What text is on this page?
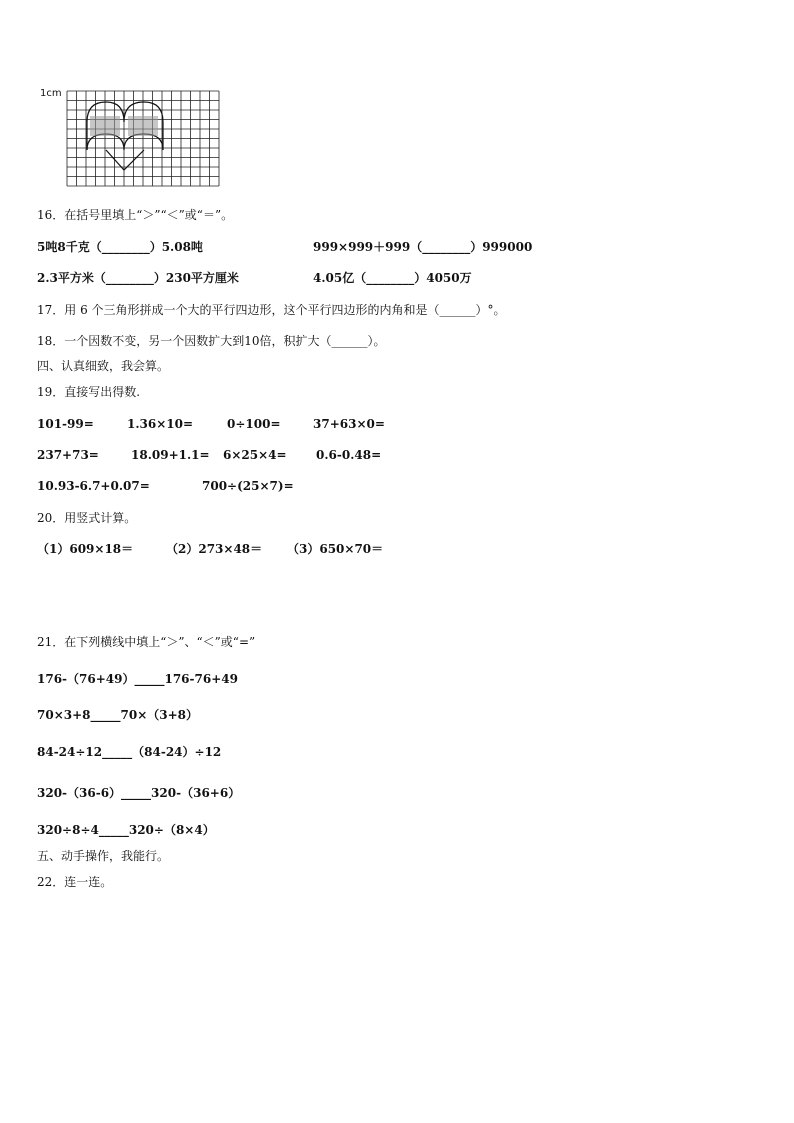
1cm
16．在括号里填上“＞”“＜”或“＝”。
5吨8千克（________）5.08吨	999×999＋999（________）999000
2.3平方米（________）230平方厘米	4.05亿（________）4050万
17．用 6 个三角形拼成一个大的平行四边形，这个平行四边形的内角和是（______）°。
18．一个因数不变，另一个因数扩大到10倍，积扩大（______）。
四、认真细致，我会算。
19．直接写出得数.
101-99=	1.36×10=	0÷100=	37+63×0=
237+73=	18.09+1.1= 6×25×4= 0.6-0.48=
10.93-6.7+0.07=	700÷(25×7)=
20．用竖式计算。
（1）609×18＝	（2）273×48＝ （3）650×70＝
21．在下列横线中填上“＞”、“＜”或“=”
176-（76+49）_____176-76+49
70×3+8_____70×（3+8）
84-24÷12_____（84-24）÷12
320-（36-6）_____320-（36+6）
320÷8÷4_____320÷（8×4）
五、动手操作，我能行。
22．连一连。
